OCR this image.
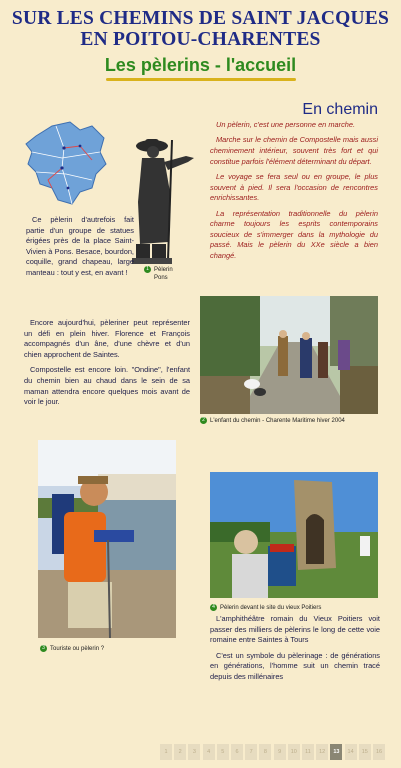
SUR LES CHEMINS DE SAINT JACQUES
EN POITOU-CHARENTES
Les pèlerins - l'accueil

Ce pèlerin d'autrefois fait partie d'un groupe de statues érigées près de la place Saint-Vivien à Pons. Besace, bourdon, coquille, grand chapeau, large manteau : tout y est, en avant !	1 Pèlerin
Pons
En chemin

Un pèlerin, c'est une personne en marche.

Marche sur le chemin de Compostelle mais aussi cheminement intérieur, souvent très fort et qui constitue parfois l'élément déterminant du départ.

Le voyage se fera seul ou en groupe, le plus souvent à pied. Il sera l'occasion de rencontres enrichissantes.

La représentation traditionnelle du pèlerin charme toujours les esprits contemporains soucieux de s'immerger dans la mythologie du passé. Mais le pèlerin du XXe siècle a bien changé.

Encore aujourd'hui, pèleriner peut représenter un défi en plein hiver. Florence et François accompagnés d'un âne, d'une chèvre et d'un chien approchent de Saintes.

Compostelle est encore loin. "Ondine", l'enfant du chemin bien au chaud dans le sein de sa maman attendra encore quelques mois avant de voir le jour.

2 L'enfant du chemin - Charente Maritime hiver 2004
3 Touriste ou pèlerin ?
4 Pèlerin devant le site du vieux Poitiers

L'amphithéâtre romain du Vieux Poitiers voit passer des milliers de pèlerins le long de cette voie romaine entre Saintes à Tours

C'est un symbole du pèlerinage : de générations en générations, l'homme suit un chemin tracé depuis des millénaires

1	2	3	4	5	6	7	8	9	10	11	12	13	14	15	16
